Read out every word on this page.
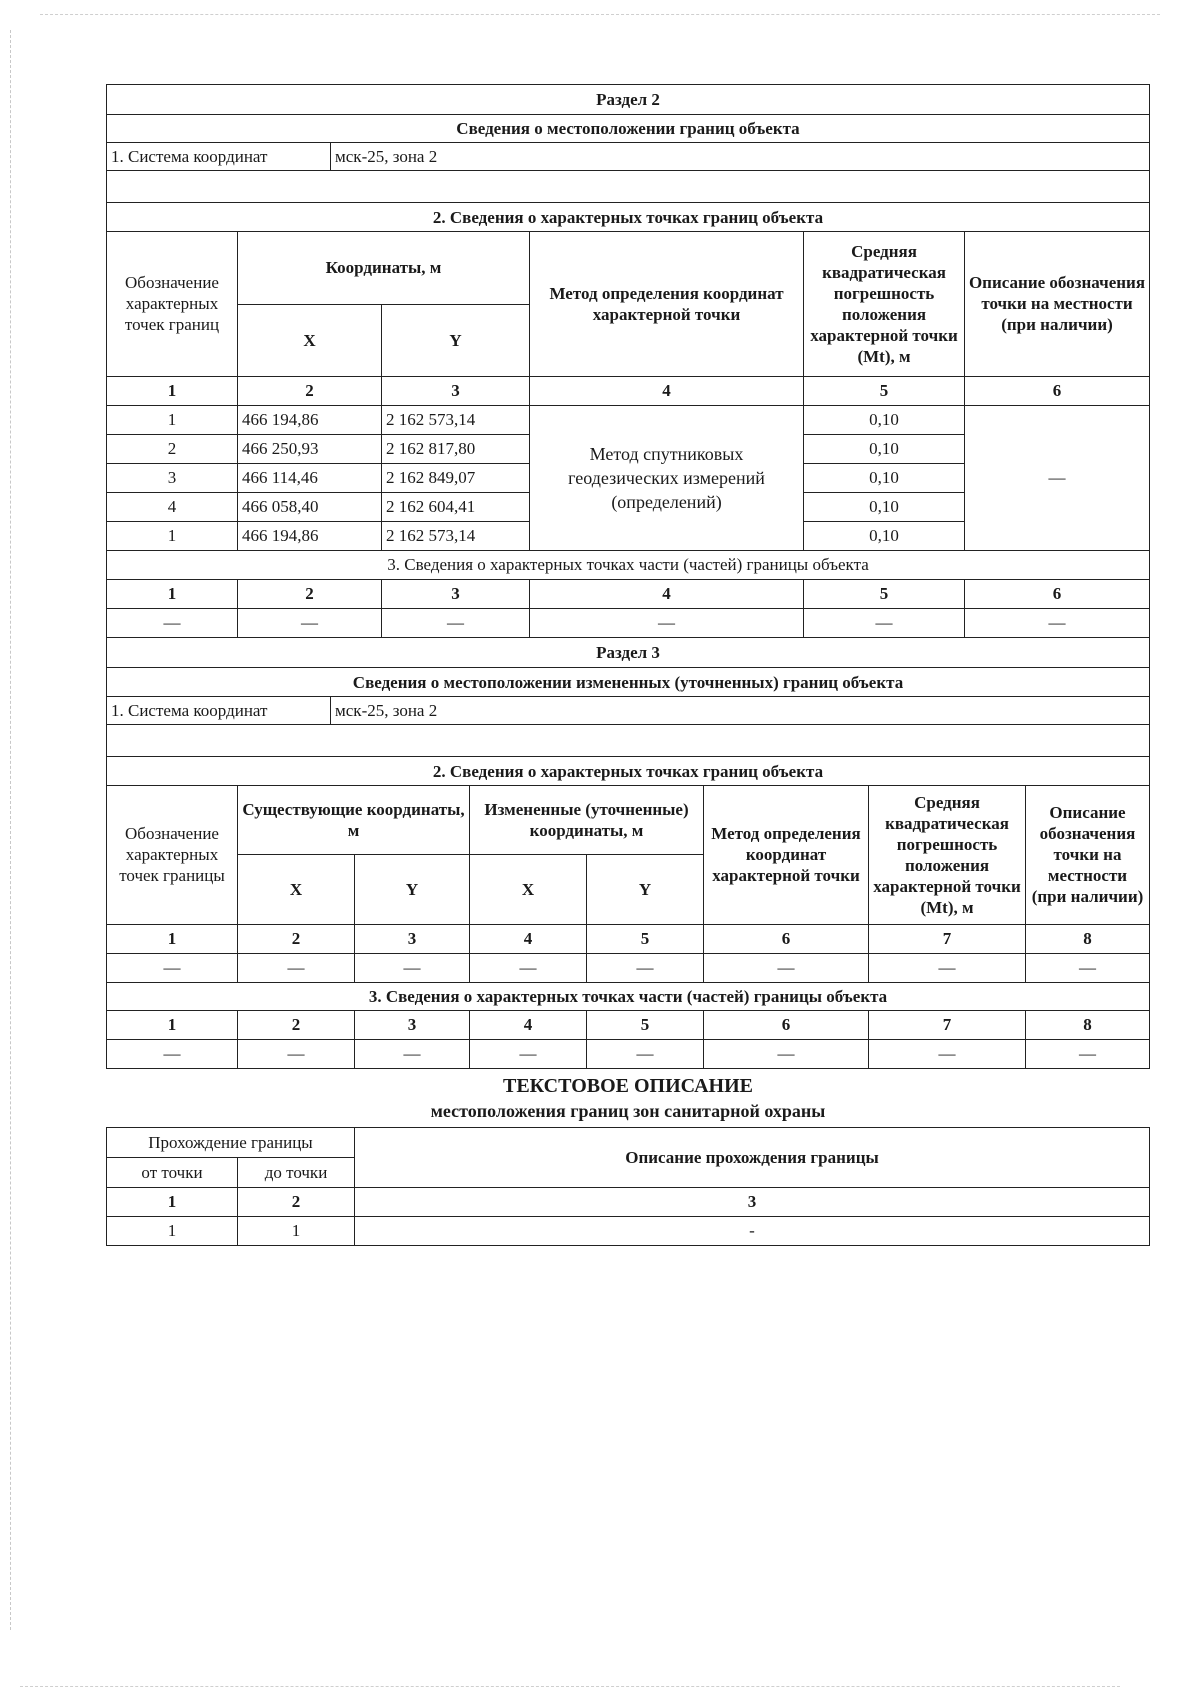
Раздел 2
Сведения о местоположении границ объекта
1. Система координат	мск-25, зона 2

2. Сведения о характерных точках границ объекта
Обозначение характерных точек границ	Координаты, м		Метод определения координат характерной точки	Средняя квадратическая погрешность положения характерной точки (Mt), м	Описание обозначения точки на местности (при наличии)
	X	Y			
1	2	3	4	5	6
1	466 194,86	2 162 573,14	Метод спутниковых геодезических измерений (определений)	0,10	—
2	466 250,93	2 162 817,80		0,10	
3	466 114,46	2 162 849,07		0,10	
4	466 058,40	2 162 604,41		0,10	
1	466 194,86	2 162 573,14		0,10	
3. Сведения о характерных точках части (частей) границы объекта					
1	2	3	4	5	6
—	—	—	—	—	—
Раздел 3
Сведения о местоположении измененных (уточненных) границ объекта
1. Система координат	мск-25, зона 2

2. Сведения о характерных точках границ объекта
Обозначение характерных точек границы	Существующие координаты, м		Измененные (уточненные) координаты, м		Метод определения координат характерной точки	Средняя квадратическая погрешность положения характерной точки (Mt), м	Описание обозначения точки на местности (при наличии)
	X	Y	X	Y			
1	2	3	4	5	6	7	8
—	—	—	—	—	—	—	—
3. Сведения о характерных точках части (частей) границы объекта							
1	2	3	4	5	6	7	8
—	—	—	—	—	—	—	—
ТЕКСТОВОЕ ОПИСАНИЕ
местоположения границ зон санитарной охраны
Прохождение границы		Описание прохождения границы
от точки	до точки	
1	2	3
1	1	-
